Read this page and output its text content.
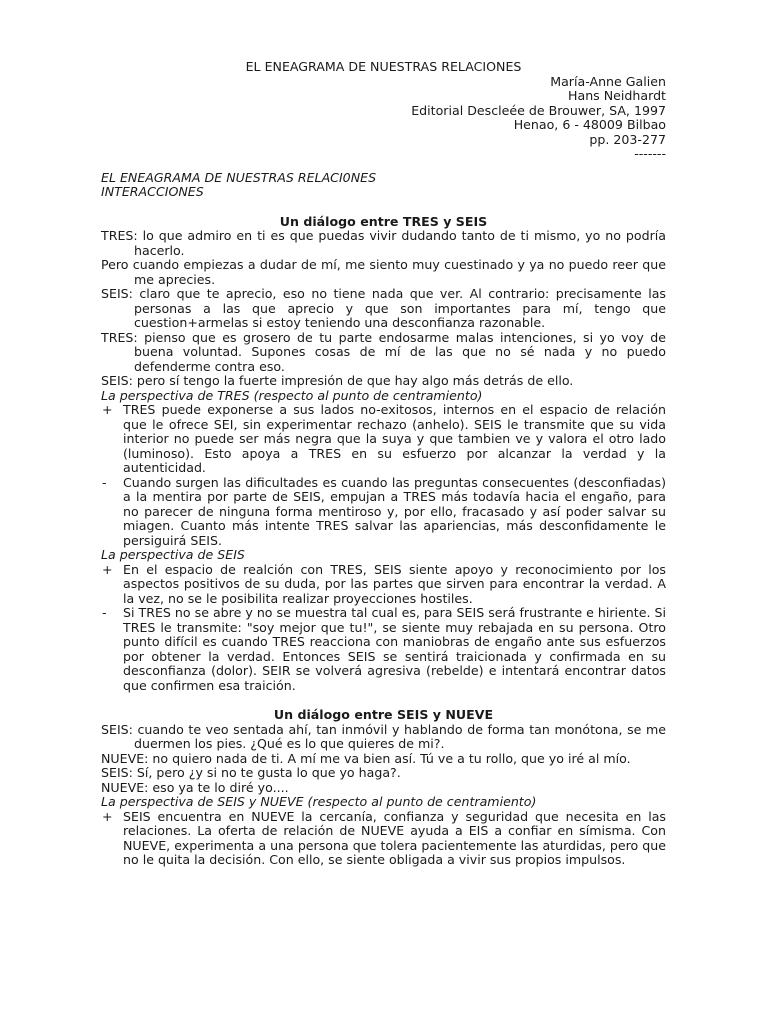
EL ENEAGRAMA DE NUESTRAS RELACIONES

María-Anne Galien
Hans Neidhardt
Editorial Descleée de Brouwer, SA, 1997
Henao, 6 - 48009 Bilbao
pp. 203-277
-------
EL ENEAGRAMA DE NUESTRAS RELACI0NES
INTERACCIONES

Un diálogo entre TRES y SEIS

TRES: lo que admiro en ti es que puedas vivir dudando tanto de ti mismo, yo no podría hacerlo.

Pero cuando empiezas a dudar de mí, me siento muy cuestinado y ya no puedo reer que me aprecies.

SEIS: claro que te aprecio, eso no tiene nada que ver. Al contrario: precisamente las personas a las que aprecio y que son importantes para mí, tengo que cuestion+armelas si estoy teniendo una desconfianza razonable.

TRES: pienso que es grosero de tu parte endosarme malas intenciones, si yo voy de buena voluntad. Supones cosas de mí de las que no sé nada y no puedo defenderme contra eso.

SEIS: pero sí tengo la fuerte impresión de que hay algo más detrás de ello.

La perspectiva de TRES (respecto al punto de centramiento)

+ TRES puede exponerse a sus lados no-exitosos, internos en el espacio de relación que le ofrece SEI, sin experimentar rechazo (anhelo). SEIS le transmite que su vida interior no puede ser más negra que la suya y que tambien ve y valora el otro lado (luminoso). Esto apoya a TRES en su esfuerzo por alcanzar la verdad y la autenticidad.
-	Cuando surgen las dificultades es cuando las preguntas consecuentes (desconfiadas) a la mentira por parte de SEIS, empujan a TRES más todavía hacia el engaño, para no parecer de ninguna forma mentiroso y, por ello, fracasado y así poder salvar su miagen. Cuanto más intente TRES salvar las apariencias, más desconfidamente le persiguirá SEIS.

La perspectiva de SEIS

+ En el espacio de realción con TRES, SEIS siente apoyo y reconocimiento por los aspectos positivos de su duda, por las partes que sirven para encontrar la verdad. A la vez, no se le posibilita realizar proyecciones hostiles.
-	Si TRES no se abre y no se muestra tal cual es, para SEIS será frustrante e hiriente. Si TRES le transmite: "soy mejor que tu!", se siente muy rebajada en su persona. Otro punto difícil es cuando TRES reacciona con maniobras de engaño ante sus esfuerzos por obtener la verdad. Entonces SEIS se sentirá traicionada y confirmada en su desconfianza (dolor). SEIR se volverá agresiva (rebelde) e intentará encontrar datos que confirmen esa traición.

Un diálogo entre SEIS y NUEVE

SEIS: cuando te veo sentada ahí, tan inmóvil y hablando de forma tan monótona, se me duermen los pies. ¿Qué es lo que quieres de mi?.

NUEVE: no quiero nada de ti. A mí me va bien así. Tú ve a tu rollo, que yo iré al mío.

SEIS: Sí, pero ¿y si no te gusta lo que yo haga?.

NUEVE: eso ya te lo diré yo....

La perspectiva de SEIS y NUEVE (respecto al punto de centramiento)

+ SEIS encuentra en NUEVE la cercanía, confianza y seguridad que necesita en las relaciones. La oferta de relación de NUEVE ayuda a EIS a confiar en símisma. Con NUEVE, experimenta a una persona que tolera pacientemente las aturdidas, pero que no le quita la decisión. Con ello, se siente obligada a vivir sus propios impulsos.
